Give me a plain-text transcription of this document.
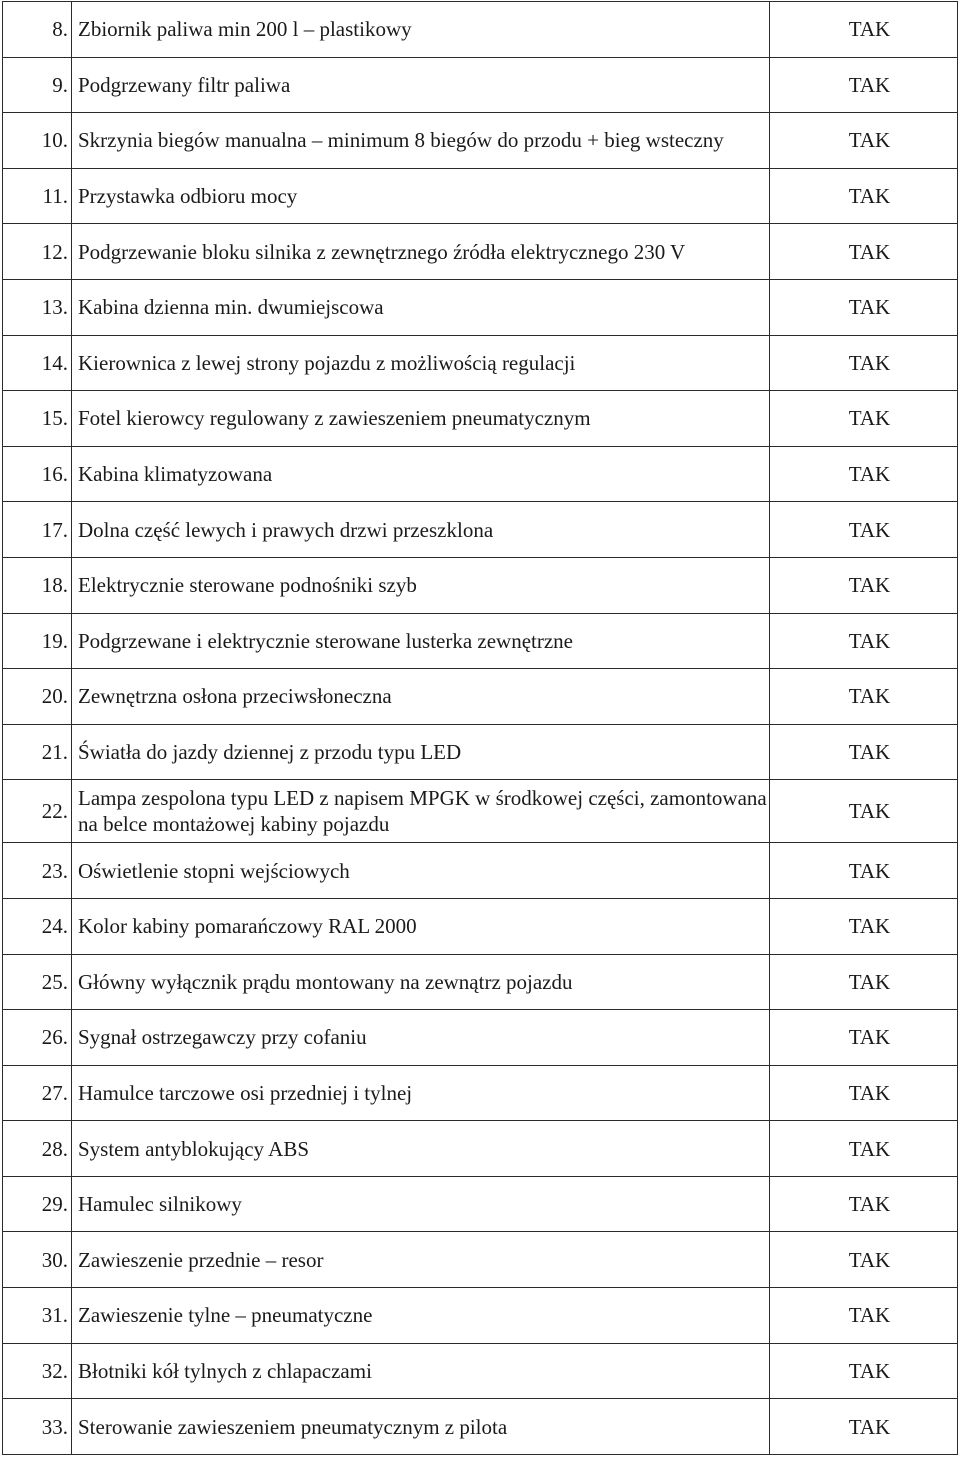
8.	Zbiornik paliwa min 200 l – plastikowy	TAK
9.	Podgrzewany filtr paliwa	TAK
10.	Skrzynia biegów manualna – minimum 8 biegów do przodu + bieg wsteczny	TAK
11.	Przystawka odbioru mocy	TAK
12.	Podgrzewanie bloku silnika z zewnętrznego źródła elektrycznego 230 V	TAK
13.	Kabina dzienna min. dwumiejscowa	TAK
14.	Kierownica z lewej strony pojazdu z możliwością regulacji	TAK
15.	Fotel kierowcy regulowany z zawieszeniem pneumatycznym	TAK
16.	Kabina klimatyzowana	TAK
17.	Dolna część lewych i prawych drzwi przeszklona	TAK
18.	Elektrycznie sterowane podnośniki szyb	TAK
19.	Podgrzewane i elektrycznie sterowane lusterka zewnętrzne	TAK
20.	Zewnętrzna osłona przeciwsłoneczna	TAK
21.	Światła do jazdy dziennej z przodu typu LED	TAK
22.	Lampa zespolona typu LED z napisem MPGK w środkowej części, zamontowana na belce montażowej kabiny pojazdu	TAK
23.	Oświetlenie stopni wejściowych	TAK
24.	Kolor kabiny pomarańczowy RAL 2000	TAK
25.	Główny wyłącznik prądu montowany na zewnątrz pojazdu	TAK
26.	Sygnał ostrzegawczy przy cofaniu	TAK
27.	Hamulce tarczowe osi przedniej i tylnej	TAK
28.	System antyblokujący ABS	TAK
29.	Hamulec silnikowy	TAK
30.	Zawieszenie przednie – resor	TAK
31.	Zawieszenie tylne – pneumatyczne	TAK
32.	Błotniki kół tylnych z chlapaczami	TAK
33.	Sterowanie zawieszeniem pneumatycznym z pilota	TAK
